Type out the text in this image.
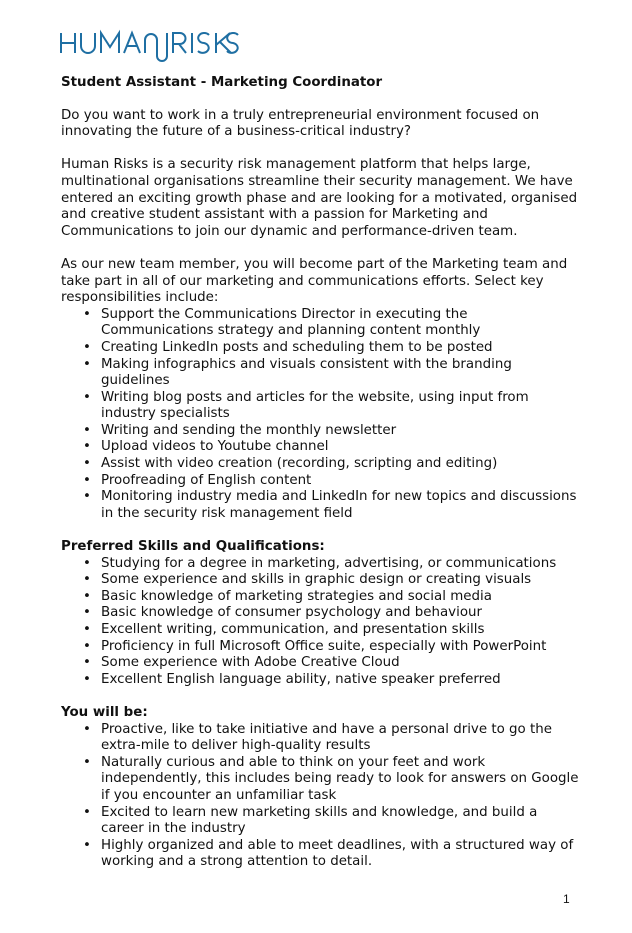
Student Assistant - Marketing Coordinator

Do you want to work in a truly entrepreneurial environment focused on innovating the future of a business-critical industry?

Human Risks is a security risk management platform that helps large, multinational organisations streamline their security management. We have entered an exciting growth phase and are looking for a motivated, organised and creative student assistant with a passion for Marketing and Communications to join our dynamic and performance-driven team.

As our new team member, you will become part of the Marketing team and take part in all of our marketing and communications efforts. Select key responsibilities include:

• Support the Communications Director in executing the Communications strategy and planning content monthly
• Creating LinkedIn posts and scheduling them to be posted
• Making infographics and visuals consistent with the branding guidelines
• Writing blog posts and articles for the website, using input from industry specialists
• Writing and sending the monthly newsletter
• Upload videos to Youtube channel
• Assist with video creation (recording, scripting and editing)
• Proofreading of English content
• Monitoring industry media and LinkedIn for new topics and discussions in the security risk management field
Preferred Skills and Qualifications:
• Studying for a degree in marketing, advertising, or communications
• Some experience and skills in graphic design or creating visuals
• Basic knowledge of marketing strategies and social media
• Basic knowledge of consumer psychology and behaviour
• Excellent writing, communication, and presentation skills
• Proficiency in full Microsoft Office suite, especially with PowerPoint
• Some experience with Adobe Creative Cloud
• Excellent English language ability, native speaker preferred
You will be:
• Proactive, like to take initiative and have a personal drive to go the extra-mile to deliver high-quality results
• Naturally curious and able to think on your feet and work independently, this includes being ready to look for answers on Google if you encounter an unfamiliar task
• Excited to learn new marketing skills and knowledge, and build a career in the industry
• Highly organized and able to meet deadlines, with a structured way of working and a strong attention to detail.
1
